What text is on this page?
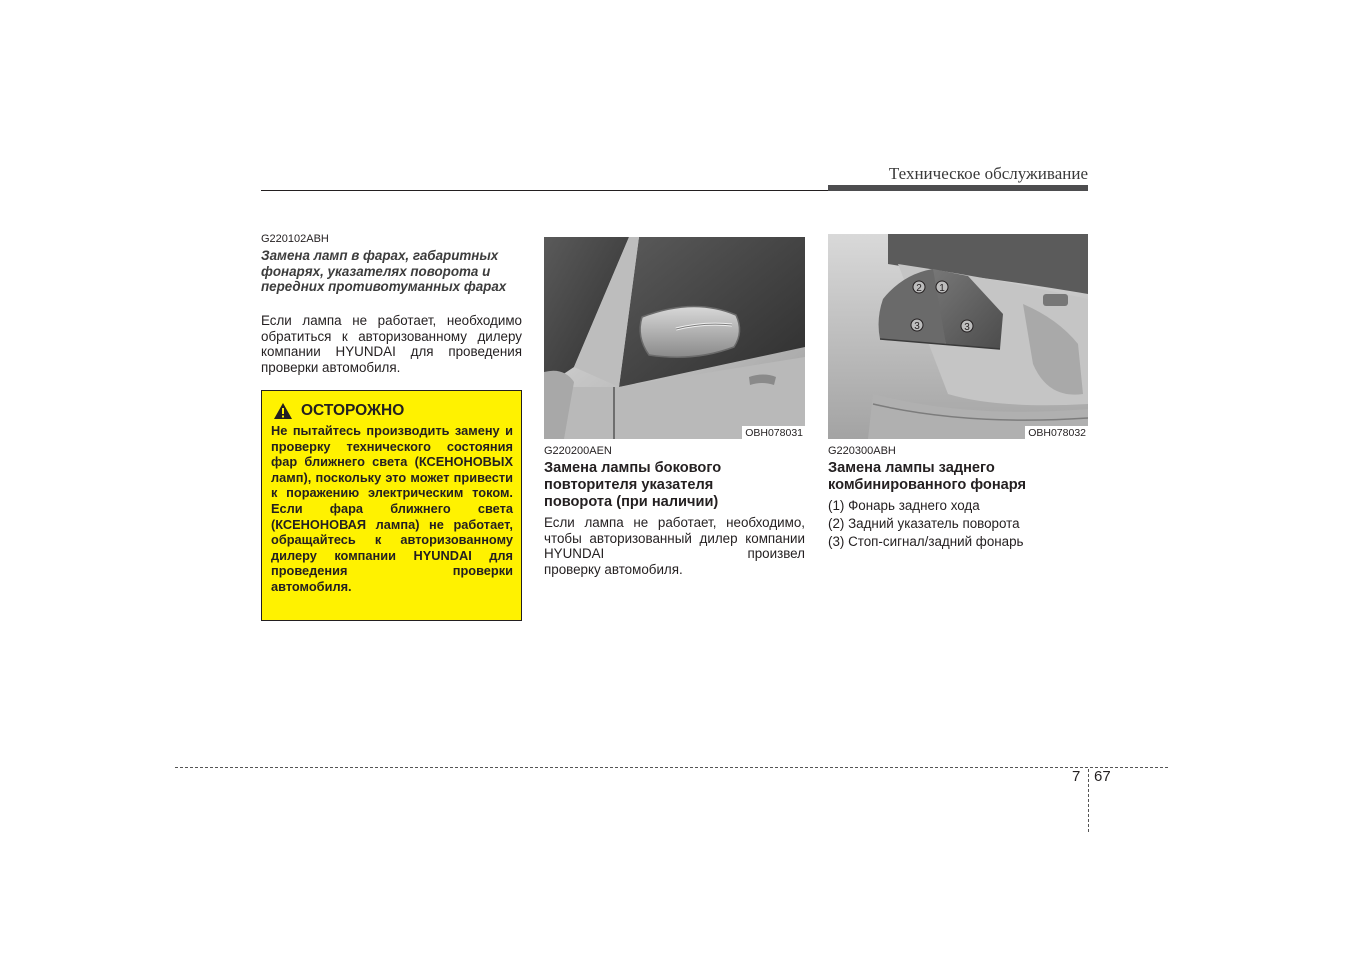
Техническое обслуживание
G220102ABH
Замена ламп в фарах, габаритных фонарях, указателях поворота и передних противотуманных фарах
Если лампа не работает, необходимо обратиться к авторизованному дилеру компании HYUNDAI для проведения проверки автомобиля.
ОСТОРОЖНО
Не пытайтесь производить замену и проверку технического состояния фар ближнего света (КСЕНОНОВЫХ ламп), поскольку это может привести к поражению электрическим током. Если фара ближнего света (КСЕНОНОВАЯ лампа) не работает, обращайтесь к авторизованному дилеру компании HYUNDAI для проведения проверки
автомобиля.
OBH078031
G220200AEN
Замена лампы бокового повторителя указателя поворота (при наличии)
Если лампа не работает, необходимо, чтобы авторизованный дилер компании HYUNDAI произвел
проверку автомобиля.
2 1
3	3
OBH078032
G220300ABH
Замена лампы заднего комбинированного фонаря
(1) Фонарь заднего хода
(2) Задний указатель поворота
(3) Стоп-сигнал/задний фонарь
7 67
